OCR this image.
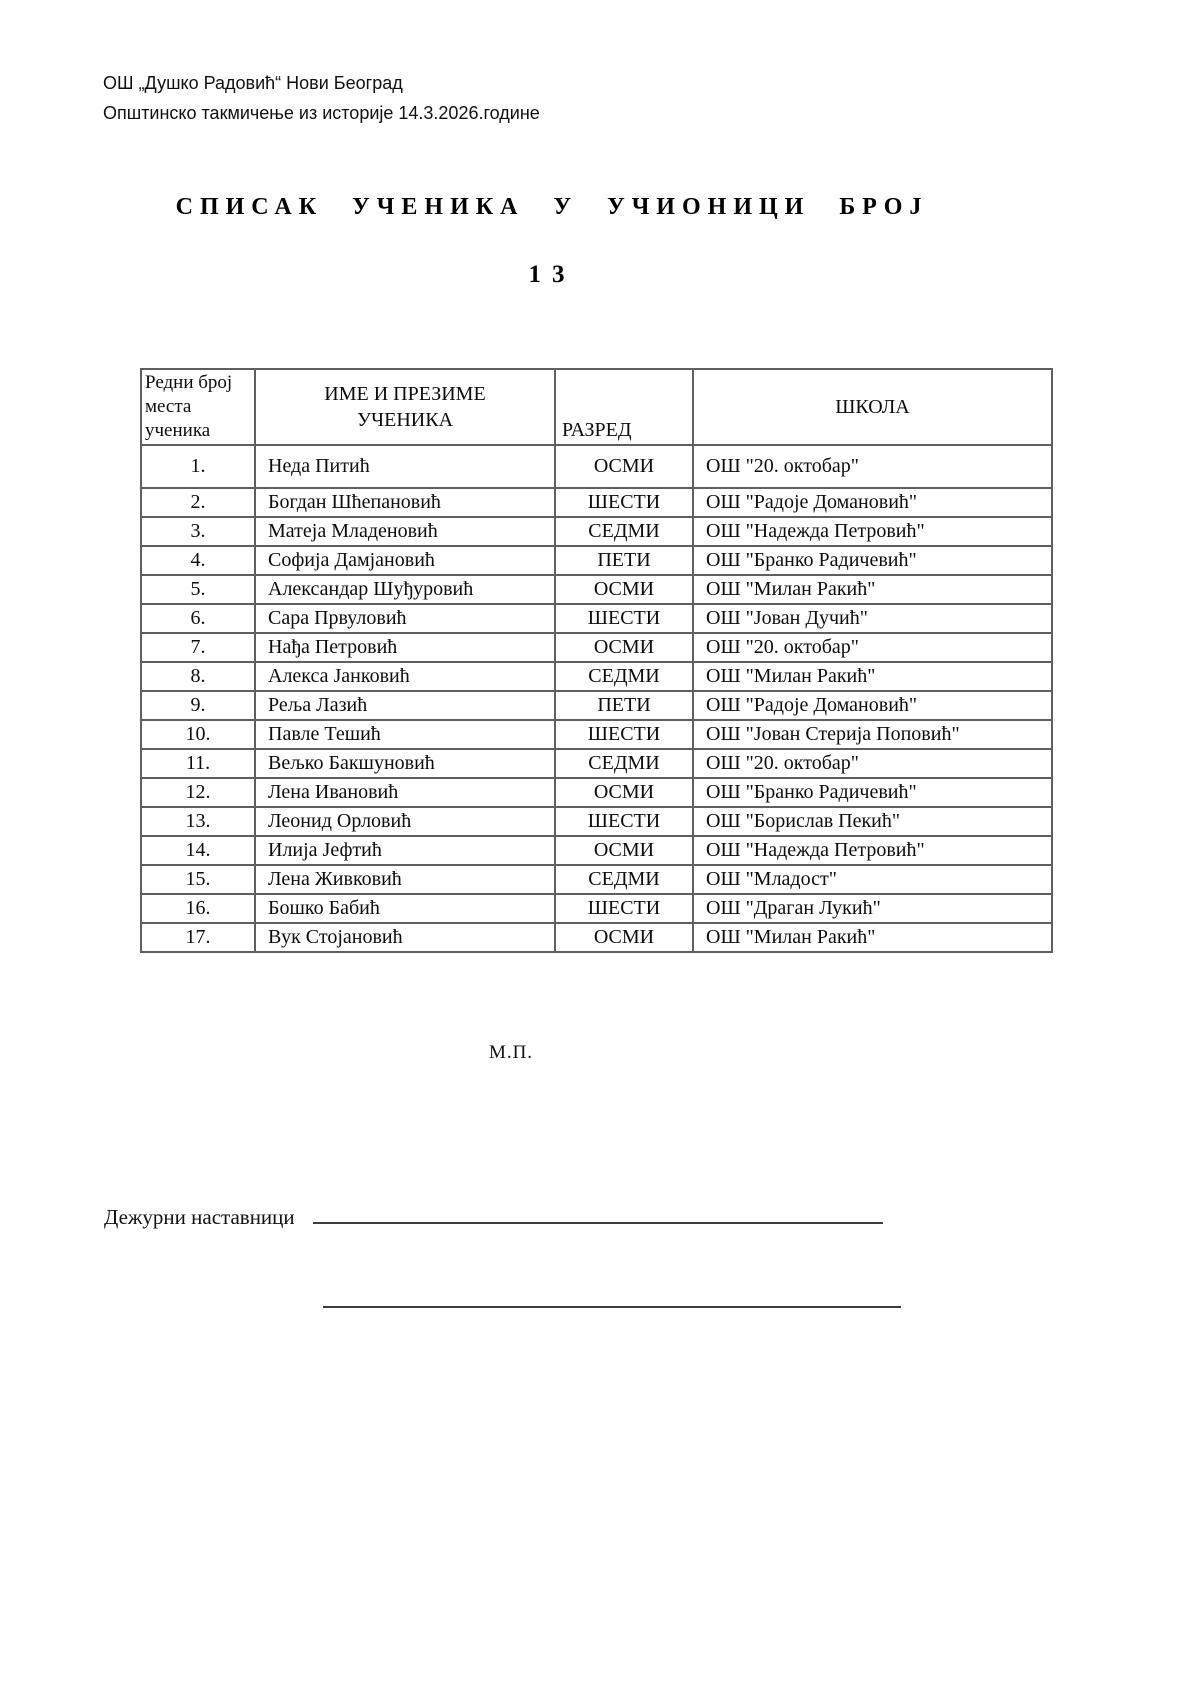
ОШ „Душко Радовић“ Нови Београд
Општинско такмичење из историје 14.3.2026.године
СПИСАК УЧЕНИКА У УЧИОНИЦИ БРОЈ
13
Редни број места ученика	ИМЕ И ПРЕЗИМЕ УЧЕНИКА	РАЗРЕД	ШКОЛА
1.	Неда Питић	ОСМИ	ОШ "20. октобар"
2.	Богдан Шћепановић	ШЕСТИ	ОШ "Радоје Домановић"
3.	Матеја Младеновић	СЕДМИ	ОШ "Надежда Петровић"
4.	Софија Дамјановић	ПЕТИ	ОШ "Бранко Радичевић"
5.	Александар Шуђуровић	ОСМИ	ОШ "Милан Ракић"
6.	Сара Првуловић	ШЕСТИ	ОШ "Јован Дучић"
7.	Нађа Петровић	ОСМИ	ОШ "20. октобар"
8.	Алекса Јанковић	СЕДМИ	ОШ "Милан Ракић"
9.	Реља Лазић	ПЕТИ	ОШ "Радоје Домановић"
10.	Павле Тешић	ШЕСТИ	ОШ "Јован Стерија Поповић"
11.	Вељко Бакшуновић	СЕДМИ	ОШ "20. октобар"
12.	Лена Ивановић	ОСМИ	ОШ "Бранко Радичевић"
13.	Леонид Орловић	ШЕСТИ	ОШ "Борислав Пекић"
14.	Илија Јефтић	ОСМИ	ОШ "Надежда Петровић"
15.	Лена Живковић	СЕДМИ	ОШ "Младост"
16.	Бошко Бабић	ШЕСТИ	ОШ "Драган Лукић"
17.	Вук Стојановић	ОСМИ	ОШ "Милан Ракић"
М.П.
Дежурни наставници
